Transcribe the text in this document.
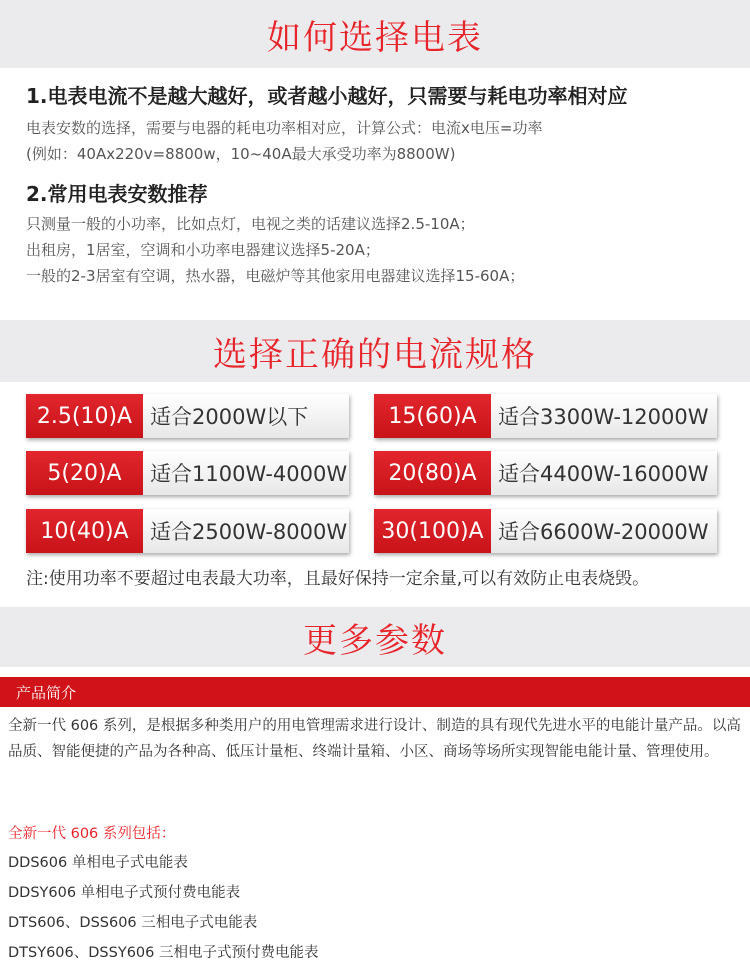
如何选择电表
1.电表电流不是越大越好，或者越小越好，只需要与耗电功率相对应
电表安数的选择，需要与电器的耗电功率相对应，计算公式：电流x电压=功率
(例如：40Ax220v=8800w，10~40A最大承受功率为8800W)
2.常用电表安数推荐
只测量一般的小功率，比如点灯，电视之类的话建议选择2.5-10A；
出租房，1居室，空调和小功率电器建议选择5-20A；
一般的2-3居室有空调，热水器，电磁炉等其他家用电器建议选择15-60A；
选择正确的电流规格
2.5(10)A 适合2000W以下	15(60)A	适合3300W-12000W
5(20)A	适合1100W-4000W	20(80)A	适合4400W-16000W
10(40)A	适合2500W-8000W	30(100)A 适合6600W-20000W
注:使用功率不要超过电表最大功率，且最好保持一定余量,可以有效防止电表烧毁。
更多参数
产品简介
全新一代 606 系列，是根据多种类用户的用电管理需求进行设计、制造的具有现代先进水平的电能计量产品。以高品质、智能便捷的产品为各种高、低压计量柜、终端计量箱、小区、商场等场所实现智能电能计量、管理使用。
全新一代 606 系列包括：
DDS606 单相电子式电能表
DDSY606 单相电子式预付费电能表
DTS606、DSS606 三相电子式电能表
DTSY606、DSSY606 三相电子式预付费电能表
